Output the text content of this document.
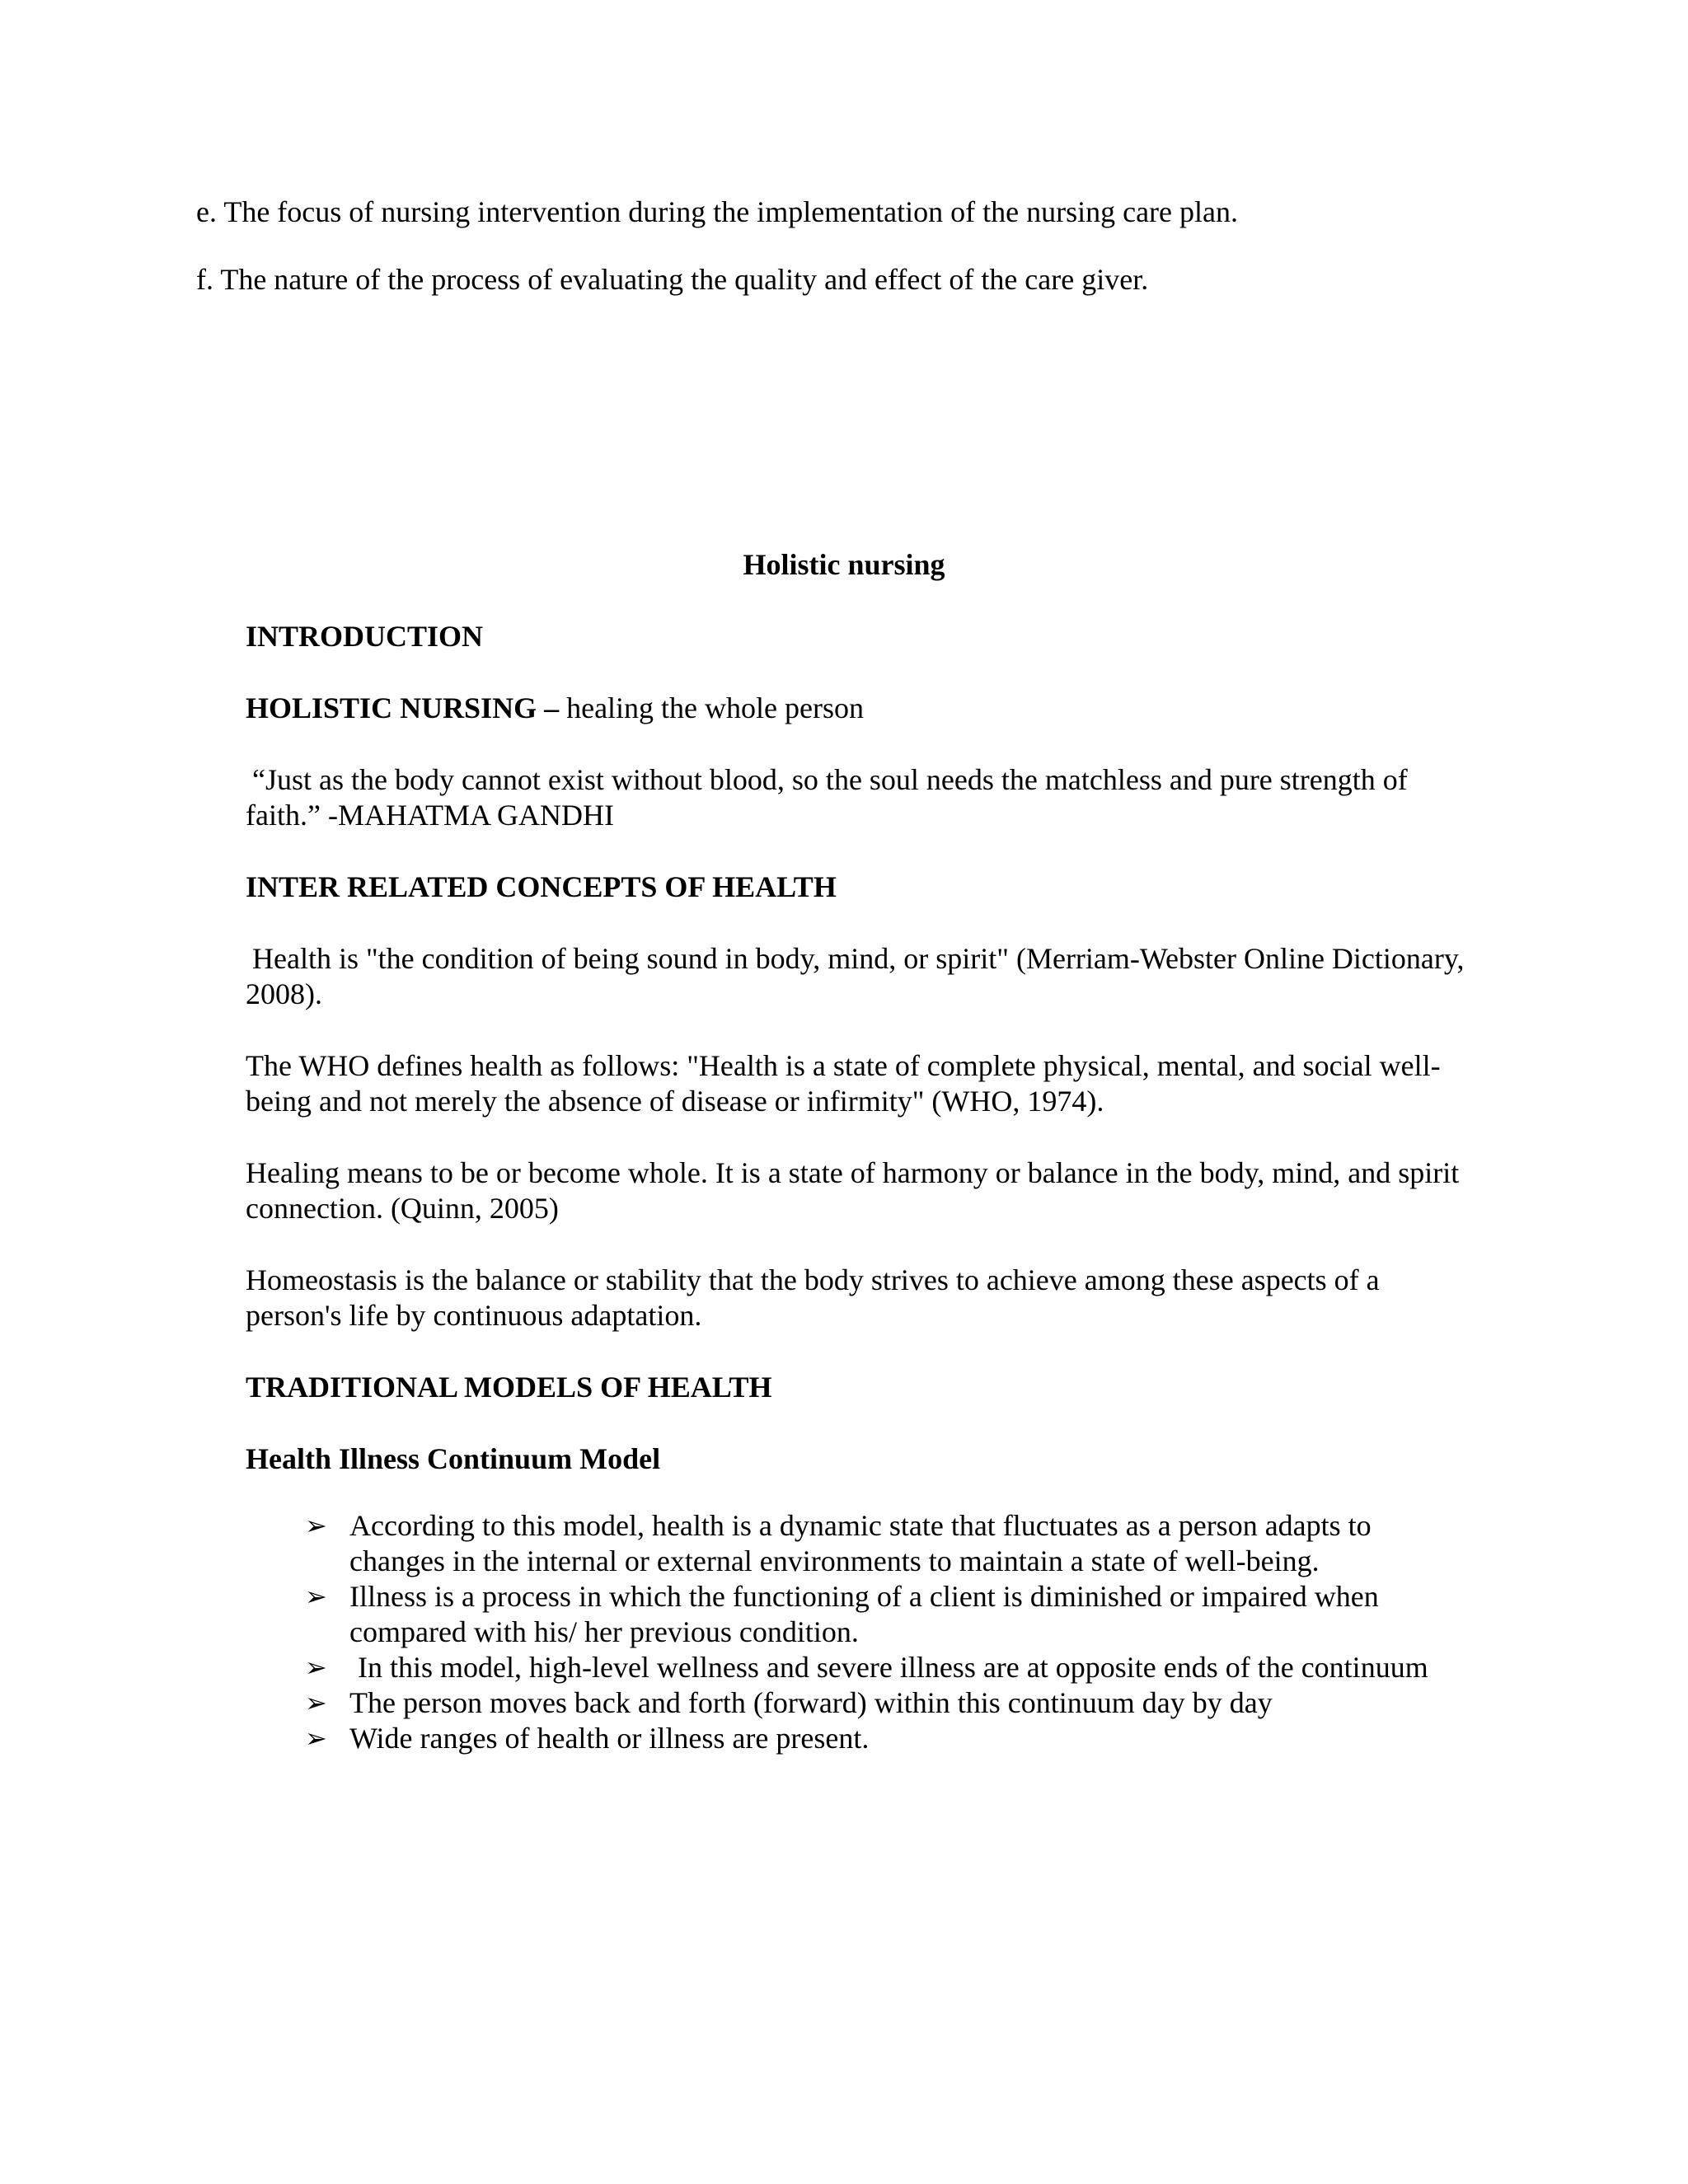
e. The focus of nursing intervention during the implementation of the nursing care plan.

f. The nature of the process of evaluating the quality and effect of the care giver.

Holistic nursing

INTRODUCTION

HOLISTIC NURSING – healing the whole person

“Just as the body cannot exist without blood, so the soul needs the matchless and pure strength of faith.” -MAHATMA GANDHI

INTER RELATED CONCEPTS OF HEALTH

Health is "the condition of being sound in body, mind, or spirit" (Merriam-Webster Online Dictionary, 2008).

The WHO defines health as follows: "Health is a state of complete physical, mental, and social well-being and not merely the absence of disease or infirmity" (WHO, 1974).

Healing means to be or become whole. It is a state of harmony or balance in the body, mind, and spirit connection. (Quinn, 2005)

Homeostasis is the balance or stability that the body strives to achieve among these aspects of a person's life by continuous adaptation.

TRADITIONAL MODELS OF HEALTH

Health Illness Continuum Model

➢ According to this model, health is a dynamic state that fluctuates as a person adapts to changes in the internal or external environments to maintain a state of well-being.
➢ Illness is a process in which the functioning of a client is diminished or impaired when compared with his/ her previous condition.
➢ In this model, high-level wellness and severe illness are at opposite ends of the continuum
➢ The person moves back and forth (forward) within this continuum day by day
➢ Wide ranges of health or illness are present.
